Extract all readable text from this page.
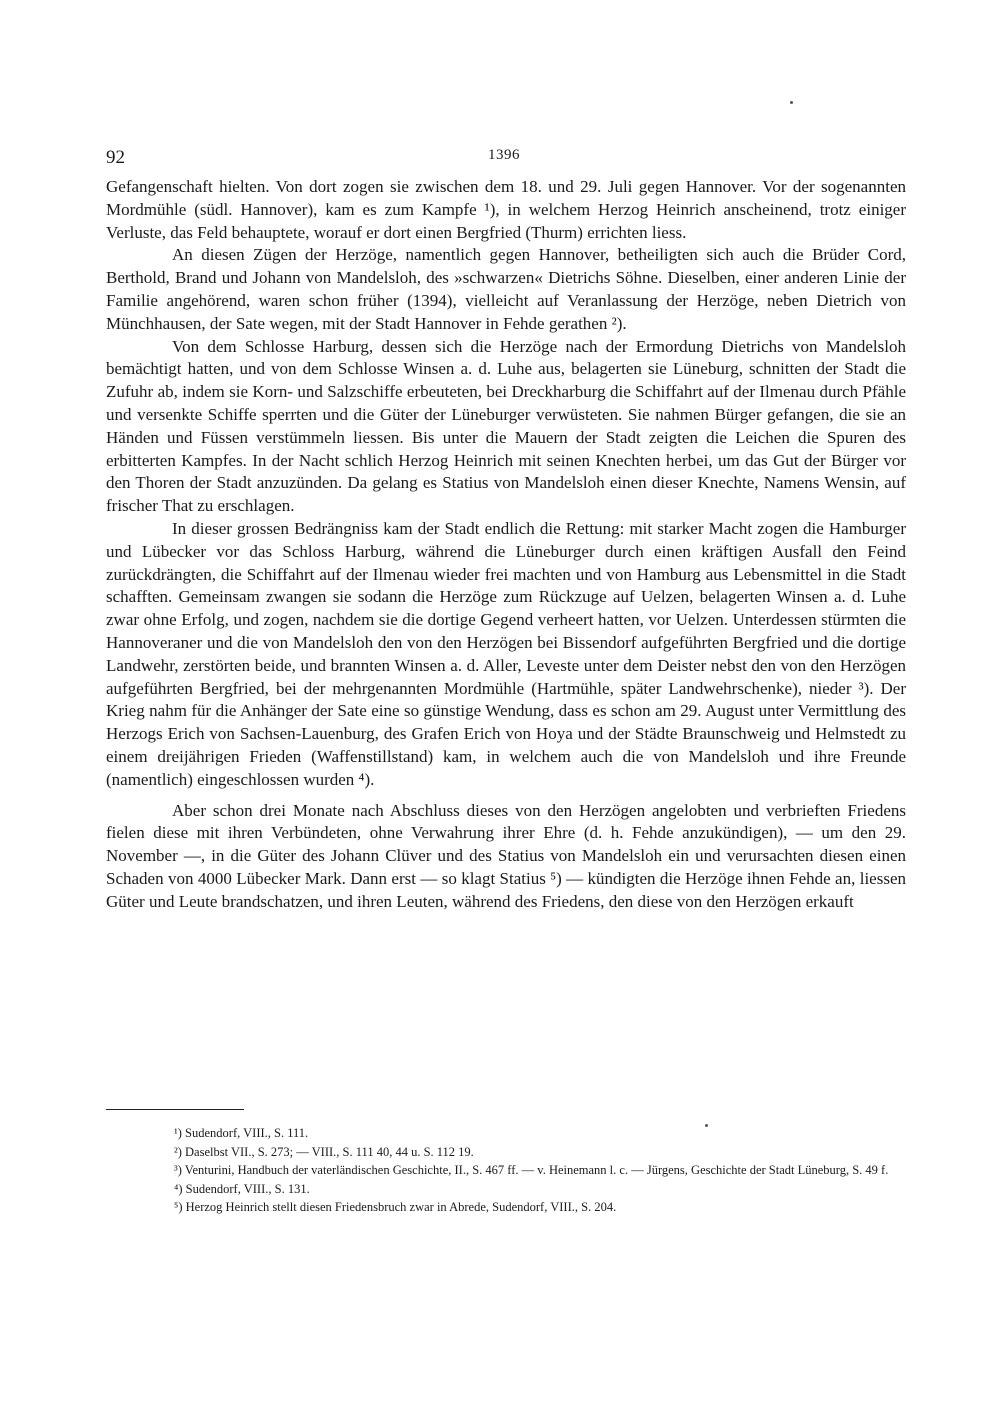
92	1396

Gefangenschaft hielten. Von dort zogen sie zwischen dem 18. und 29. Juli gegen Hannover. Vor der sogenannten Mordmühle (südl. Hannover), kam es zum Kampfe ¹), in welchem Herzog Heinrich anscheinend, trotz einiger Verluste, das Feld behauptete, worauf er dort einen Bergfried (Thurm) errichten liess.

An diesen Zügen der Herzöge, namentlich gegen Hannover, betheiligten sich auch die Brüder Cord, Berthold, Brand und Johann von Mandelsloh, des »schwarzen« Dietrichs Söhne. Dieselben, einer anderen Linie der Familie angehörend, waren schon früher (1394), vielleicht auf Veranlassung der Herzöge, neben Dietrich von Münchhausen, der Sate wegen, mit der Stadt Hannover in Fehde gerathen ²).

Von dem Schlosse Harburg, dessen sich die Herzöge nach der Ermordung Dietrichs von Mandelsloh bemächtigt hatten, und von dem Schlosse Winsen a. d. Luhe aus, belagerten sie Lüneburg, schnitten der Stadt die Zufuhr ab, indem sie Korn- und Salzschiffe erbeuteten, bei Dreckharburg die Schiffahrt auf der Ilmenau durch Pfähle und versenkte Schiffe sperrten und die Güter der Lüneburger verwüsteten. Sie nahmen Bürger gefangen, die sie an Händen und Füssen verstümmeln liessen. Bis unter die Mauern der Stadt zeigten die Leichen die Spuren des erbitterten Kampfes. In der Nacht schlich Herzog Heinrich mit seinen Knechten herbei, um das Gut der Bürger vor den Thoren der Stadt anzuzünden. Da gelang es Statius von Mandelsloh einen dieser Knechte, Namens Wensin, auf frischer That zu erschlagen.

In dieser grossen Bedrängniss kam der Stadt endlich die Rettung: mit starker Macht zogen die Hamburger und Lübecker vor das Schloss Harburg, während die Lüneburger durch einen kräftigen Ausfall den Feind zurückdrängten, die Schiffahrt auf der Ilmenau wieder frei machten und von Hamburg aus Lebensmittel in die Stadt schafften. Gemeinsam zwangen sie sodann die Herzöge zum Rückzuge auf Uelzen, belagerten Winsen a. d. Luhe zwar ohne Erfolg, und zogen, nachdem sie die dortige Gegend verheert hatten, vor Uelzen. Unterdessen stürmten die Hannoveraner und die von Mandelsloh den von den Herzögen bei Bissendorf aufgeführten Bergfried und die dortige Landwehr, zerstörten beide, und brannten Winsen a. d. Aller, Leveste unter dem Deister nebst den von den Herzögen aufgeführten Bergfried, bei der mehrgenannten Mordmühle (Hartmühle, später Landwehrschenke), nieder ³). Der Krieg nahm für die Anhänger der Sate eine so günstige Wendung, dass es schon am 29. August unter Vermittlung des Herzogs Erich von Sachsen-Lauenburg, des Grafen Erich von Hoya und der Städte Braunschweig und Helmstedt zu einem dreijährigen Frieden (Waffenstillstand) kam, in welchem auch die von Mandelsloh und ihre Freunde (namentlich) eingeschlossen wurden ⁴).

Aber schon drei Monate nach Abschluss dieses von den Herzögen angelobten und verbrieften Friedens fielen diese mit ihren Verbündeten, ohne Verwahrung ihrer Ehre (d. h. Fehde anzukündigen), — um den 29. November —, in die Güter des Johann Clüver und des Statius von Mandelsloh ein und verursachten diesen einen Schaden von 4000 Lübecker Mark. Dann erst — so klagt Statius ⁵) — kündigten die Herzöge ihnen Fehde an, liessen Güter und Leute brandschatzen, und ihren Leuten, während des Friedens, den diese von den Herzögen erkauft

¹) Sudendorf, VIII., S. 111.

²) Daselbst VII., S. 273; — VIII., S. 111 40, 44 u. S. 112 19.

³) Venturini, Handbuch der vaterländischen Geschichte, II., S. 467 ff. — v. Heinemann l. c. — Jürgens, Geschichte der Stadt Lüneburg, S. 49 f.

⁴) Sudendorf, VIII., S. 131.

⁵) Herzog Heinrich stellt diesen Friedensbruch zwar in Abrede, Sudendorf, VIII., S. 204.
